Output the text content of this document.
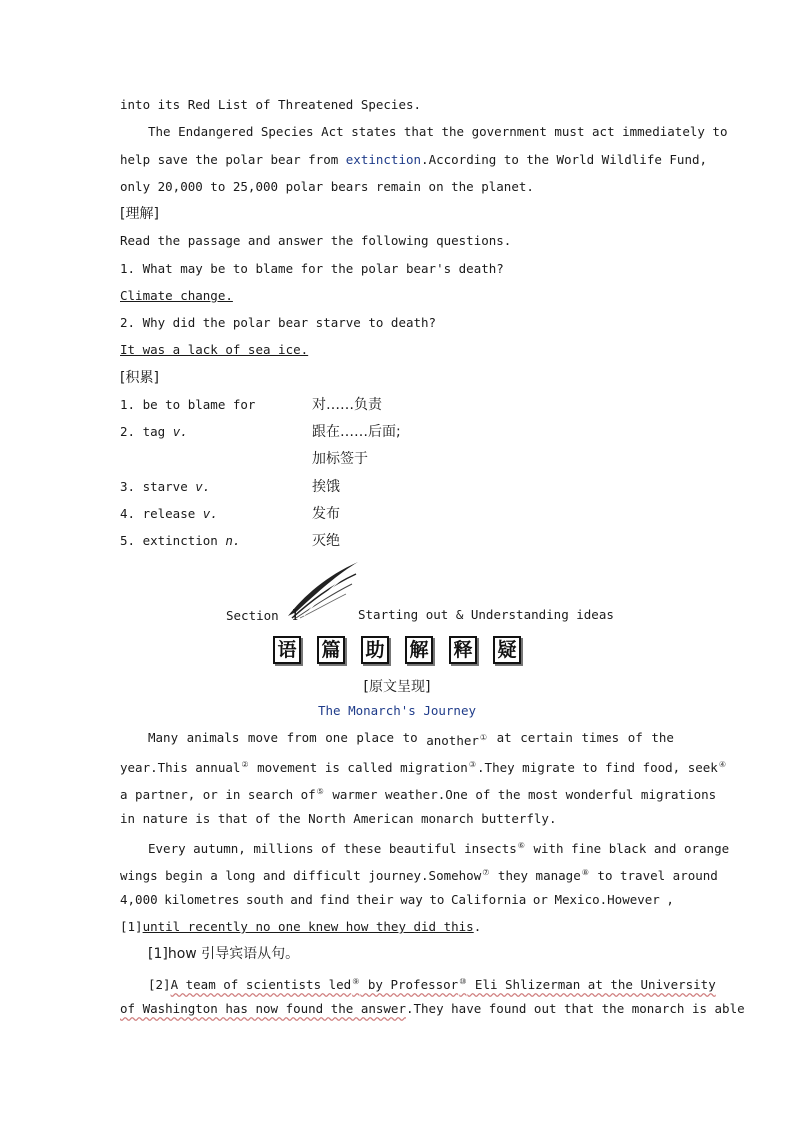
into its Red List of Threatened Species.
The Endangered Species Act states that the government must act immediately to
help save the polar bear from extinction.According to the World Wildlife Fund,
only 20,000 to 25,000 polar bears remain on the planet.
[理解]
Read the passage and answer the following questions.
1. What may be to blame for the polar bear's death?
Climate change.
2. Why did the polar bear starve to death?
It was a lack of sea ice.
[积累]
1. be to blame for	对……负责
2. tag v.	跟在……后面;
加标签于
3. starve v.	挨饿
4. release v.	发布
5. extinction n.	灭绝
Section Ⅰ	Starting out & Understanding ideas
语 篇 助 解 释 疑
[原文呈现]
The Monarch's Journey
Many animals move from one place to another① at certain times of the
year.This annual② movement is called migration③.They migrate to find food, seek④
a partner, or in search of⑤ warmer weather.One of the most wonderful migrations
in nature is that of the North American monarch butterfly.
Every autumn, millions of these beautiful insects⑥ with fine black and orange
wings begin a long and difficult journey.Somehow⑦ they manage⑧ to travel around
4,000 kilometres south and find their way to California or Mexico.However ,
[1]until recently no one knew how they did this.
[1]how 引导宾语从句。
[2]A team of scientists led⑨ by Professor⑩ Eli Shlizerman at the University
of Washington has now found the answer.They have found out that the monarch is able
